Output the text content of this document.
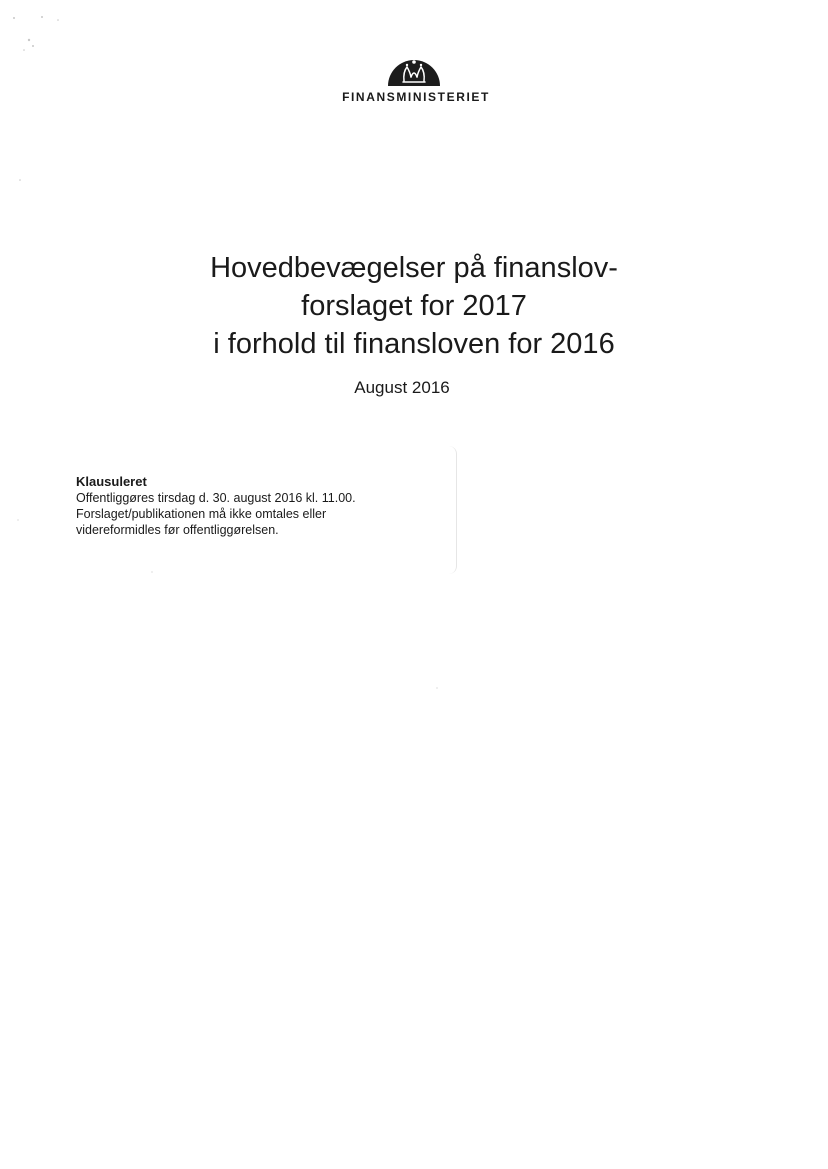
FINANSMINISTERIET
Hovedbevægelser på finanslov-
forslaget for 2017
i forhold til finansloven for 2016
August 2016
Klausuleret
Offentliggøres tirsdag d. 30. august 2016 kl. 11.00.
Forslaget/publikationen må ikke omtales eller
videreformidles før offentliggørelsen.
